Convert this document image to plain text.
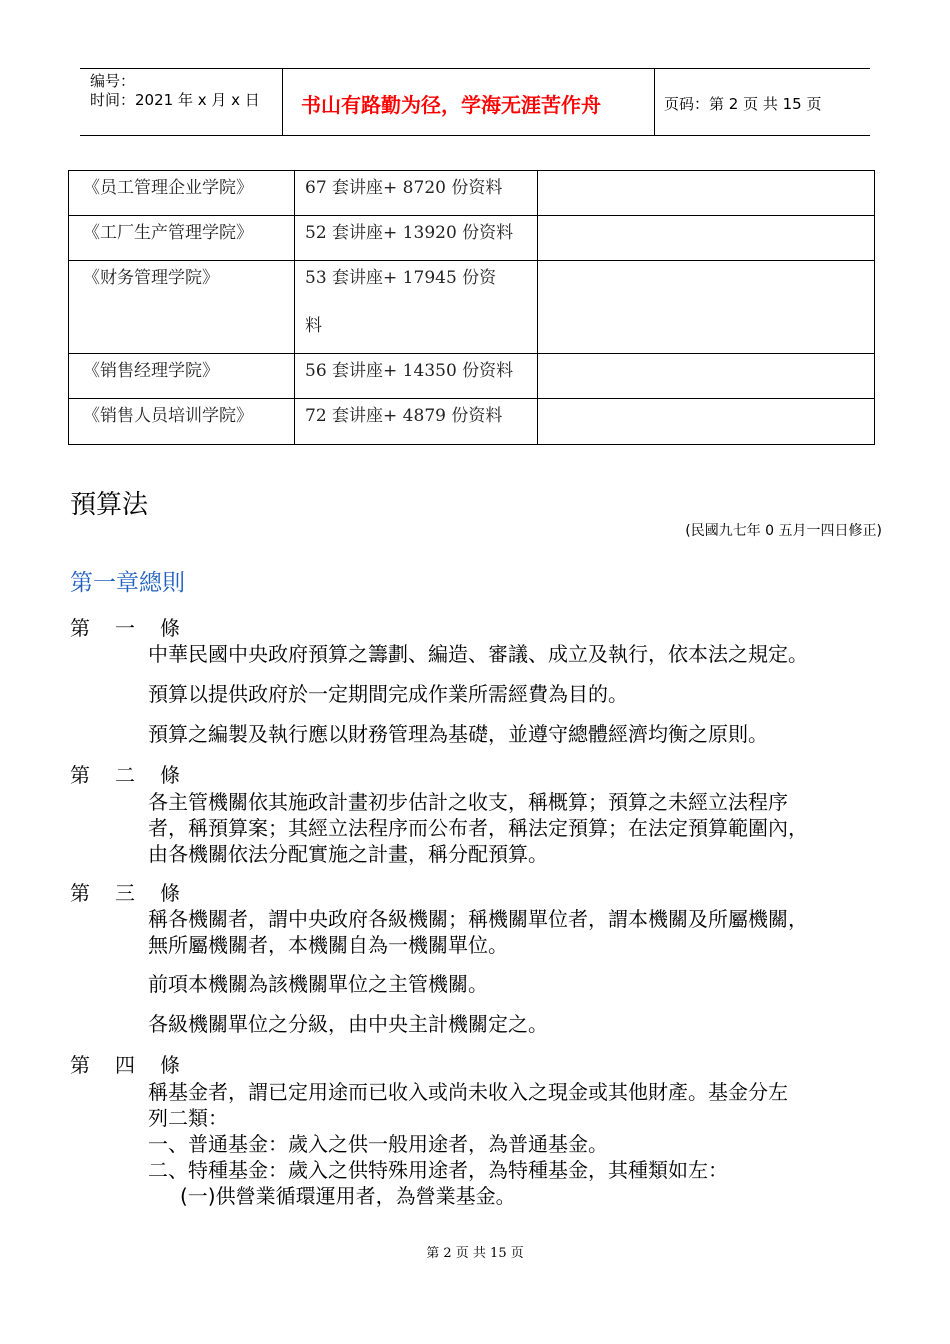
编号：
时间：2021 年 x 月 x 日 书山有路勤为径，学海无涯苦作舟	页码：第 2 页 共 15 页
《员工管理企业学院》	67 套讲座+ 8720 份资料	
《工厂生产管理学院》	52 套讲座+ 13920 份资料	
《财务管理学院》	53 套讲座+ 17945 份资
料	

《销售经理学院》	56 套讲座+ 14350 份资料	
《销售人员培训学院》	72 套讲座+ 4879 份资料	
預算法
(民國九七年 0 五月一四日修正)
第一章總則
第 一 條
中華民國中央政府預算之籌劃、編造、審議、成立及執行，依本法之規定。
預算以提供政府於一定期間完成作業所需經費為目的。
預算之編製及執行應以財務管理為基礎，並遵守總體經濟均衡之原則。
第 二 條
各主管機關依其施政計畫初步估計之收支，稱概算；預算之未經立法程序
者，稱預算案；其經立法程序而公布者，稱法定預算；在法定預算範圍內，
由各機關依法分配實施之計畫，稱分配預算。
第 三 條
稱各機關者，謂中央政府各級機關；稱機關單位者，謂本機關及所屬機關，
無所屬機關者，本機關自為一機關單位。
前項本機關為該機關單位之主管機關。
各級機關單位之分級，由中央主計機關定之。
第 四 條
稱基金者，謂已定用途而已收入或尚未收入之現金或其他財產。基金分左
列二類：
一、普通基金：歲入之供一般用途者，為普通基金。
二、特種基金：歲入之供特殊用途者，為特種基金，其種類如左：
(一)供營業循環運用者，為營業基金。
第 2 页 共 15 页
